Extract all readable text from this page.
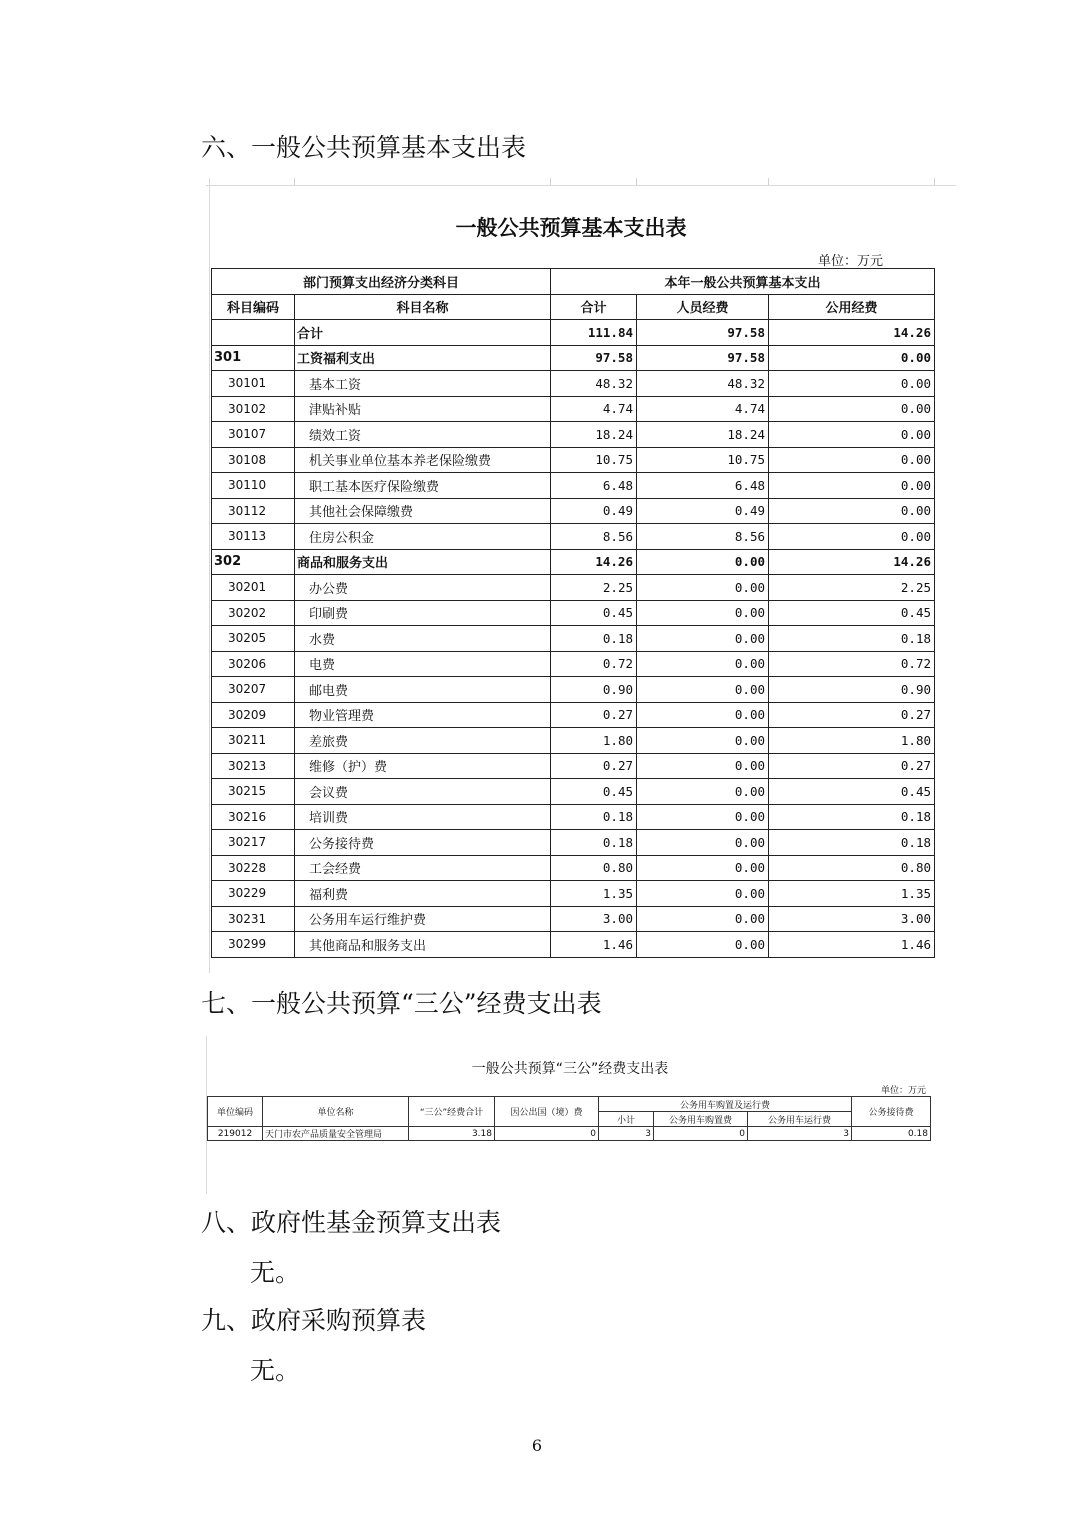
六、一般公共预算基本支出表
一般公共预算基本支出表
单位：万元
部门预算支出经济分类科目		本年一般公共预算基本支出		
科目编码	科目名称	合计	人员经费	公用经费
	合计	111.84	97.58	14.26
301	工资福利支出	97.58	97.58	0.00
30101	基本工资	48.32	48.32	0.00
30102	津贴补贴	4.74	4.74	0.00
30107	绩效工资	18.24	18.24	0.00
30108	机关事业单位基本养老保险缴费	10.75	10.75	0.00
30110	职工基本医疗保险缴费	6.48	6.48	0.00
30112	其他社会保障缴费	0.49	0.49	0.00
30113	住房公积金	8.56	8.56	0.00
302	商品和服务支出	14.26	0.00	14.26
30201	办公费	2.25	0.00	2.25
30202	印刷费	0.45	0.00	0.45
30205	水费	0.18	0.00	0.18
30206	电费	0.72	0.00	0.72
30207	邮电费	0.90	0.00	0.90
30209	物业管理费	0.27	0.00	0.27
30211	差旅费	1.80	0.00	1.80
30213	维修（护）费	0.27	0.00	0.27
30215	会议费	0.45	0.00	0.45
30216	培训费	0.18	0.00	0.18
30217	公务接待费	0.18	0.00	0.18
30228	工会经费	0.80	0.00	0.80
30229	福利费	1.35	0.00	1.35
30231	公务用车运行维护费	3.00	0.00	3.00
30299	其他商品和服务支出	1.46	0.00	1.46
七、一般公共预算“三公”经费支出表
一般公共预算“三公”经费支出表
单位：万元
单位编码	单位名称	“三公”经费合计	因公出国（境）费	公务用车购置及运行费			公务接待费
				小计	公务用车购置费	公务用车运行费	
219012	天门市农产品质量安全管理局	3.18	0	3	0	3	0.18
八、政府性基金预算支出表
无。
九、政府采购预算表
无。
6
